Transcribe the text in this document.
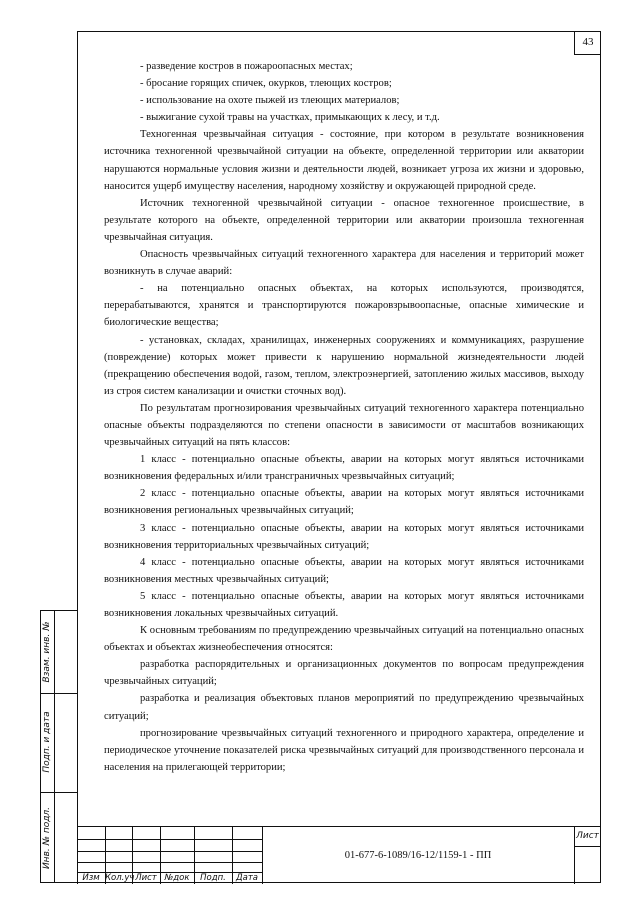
43

- разведение костров в пожароопасных местах;

- бросание горящих спичек, окурков, тлеющих костров;

- использование на охоте пыжей из тлеющих материалов;

- выжигание сухой травы на участках, примыкающих к лесу, и т.д.

Техногенная чрезвычайная ситуация - состояние, при котором в результате возникновения источника техногенной чрезвычайной ситуации на объекте, определенной территории или акватории нарушаются нормальные условия жизни и деятельности людей, возникает угроза их жизни и здоровью, наносится ущерб имуществу населения, народному хозяйству и окружающей природной среде.

Источник техногенной чрезвычайной ситуации - опасное техногенное происшествие, в результате которого на объекте, определенной территории или акватории произошла техногенная чрезвычайная ситуация.

Опасность чрезвычайных ситуаций техногенного характера для населения и территорий может возникнуть в случае аварий:

- на потенциально опасных объектах, на которых используются, производятся, перерабатываются, хранятся и транспортируются пожаровзрывоопасные, опасные химические и биологические вещества;

- установках, складах, хранилищах, инженерных сооружениях и коммуникациях, разрушение (повреждение) которых может привести к нарушению нормальной жизнедеятельности людей (прекращению обеспечения водой, газом, теплом, электроэнергией, затоплению жилых массивов, выходу из строя систем канализации и очистки сточных вод).

По результатам прогнозирования чрезвычайных ситуаций техногенного характера потенциально опасные объекты подразделяются по степени опасности в зависимости от масштабов возникающих чрезвычайных ситуаций на пять классов:

1 класс - потенциально опасные объекты, аварии на которых могут являться источниками возникновения федеральных и/или трансграничных чрезвычайных ситуаций;

2 класс - потенциально опасные объекты, аварии на которых могут являться источниками возникновения региональных чрезвычайных ситуаций;

3 класс - потенциально опасные объекты, аварии на которых могут являться источниками возникновения территориальных чрезвычайных ситуаций;

4 класс - потенциально опасные объекты, аварии на которых могут являться источниками возникновения местных чрезвычайных ситуаций;

5 класс - потенциально опасные объекты, аварии на которых могут являться источниками возникновения локальных чрезвычайных ситуаций.

К основным требованиям по предупреждению чрезвычайных ситуаций на потенциально опасных объектах и объектах жизнеобеспечения относятся:

разработка распорядительных и организационных документов по вопросам предупреждения чрезвычайных ситуаций;

разработка и реализация объектовых планов мероприятий по предупреждению чрезвычайных ситуаций;

прогнозирование чрезвычайных ситуаций техногенного и природного характера, определение и периодическое уточнение показателей риска чрезвычайных ситуаций для производственного персонала и населения на прилегающей территории;

Взам. инв. №
Подп. и дата
Инв. № подл.
Изм Кол.уч Лист №док	Подп.	Дата
01-677-6-1089/16-12/1159-1 - ПП
Лист
